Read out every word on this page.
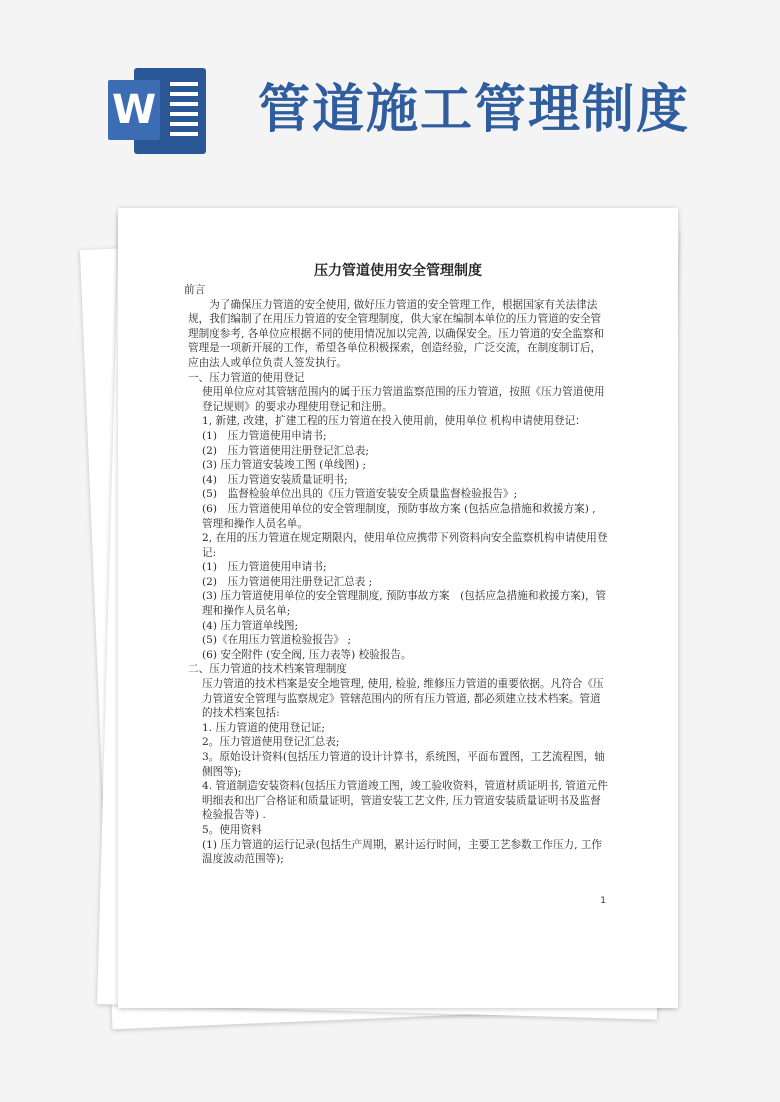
W 管道施工管理制度
压力管道使用安全管理制度

前言

为了确保压力管道的安全使用, 做好压力管道的安全管理工作，根据国家有关法律法规，我们编制了在用压力管道的安全管理制度，供大家在编制本单位的压力管道的安全管理制度参考, 各单位应根据不同的使用情况加以完善, 以确保安全。压力管道的安全监察和管理是一项新开展的工作，希望各单位积极探索，创造经验，广泛交流，在制度制订后，应由法人或单位负责人签发执行。

一、压力管道的使用登记

使用单位应对其管辖范围内的属于压力管道监察范围的压力管道，按照《压力管道使用登记规则》的要求办理使用登记和注册。

1, 新建, 改建，扩建工程的压力管道在投入使用前，使用单位 机构申请使用登记：

(1)　压力管道使用申请书;

(2)　压力管道使用注册登记汇总表;

(3) 压力管道安装竣工图 (单线图) ;

(4)　压力管道安装质量证明书;

(5)　监督检验单位出具的《压力管道安装安全质量监督检验报告》;

(6)　压力管道使用单位的安全管理制度，预防事故方案 (包括应急措施和救援方案) , 管理和操作人员名单。

2, 在用的压力管道在规定期限内，使用单位应携带下列资料向安全监察机构申请使用登记:

(1)　压力管道使用申请书;

(2)　压力管道使用注册登记汇总表 ;

(3) 压力管道使用单位的安全管理制度, 预防事故方案　(包括应急措施和救援方案)，管理和操作人员名单;

(4) 压力管道单线图;

(5)《在用压力管道检验报告》 ;

(6) 安全附件 (安全阀, 压力表等) 校验报告。

二、压力管道的技术档案管理制度

压力管道的技术档案是安全地管理, 使用, 检验, 维修压力管道的重要依据。凡符合《压力管道安全管理与监察规定》管辖范围内的所有压力管道, 都必须建立技术档案。管道的技术档案包括:

1. 压力管道的使用登记证;

2。压力管道使用登记汇总表;

3。原始设计资料(包括压力管道的设计计算书，系统图，平面布置图，工艺流程图，轴侧图等);

4. 管道制造安装资料(包括压力管道竣工图，竣工验收资料，管道材质证明书, 管道元件明细表和出厂合格证和质量证明，管道安装工艺文件, 压力管道安装质量证明书及监督检验报告等) .

5。使用资料

(1) 压力管道的运行记录(包括生产周期，累计运行时间，主要工艺参数工作压力, 工作温度波动范围等);

1
